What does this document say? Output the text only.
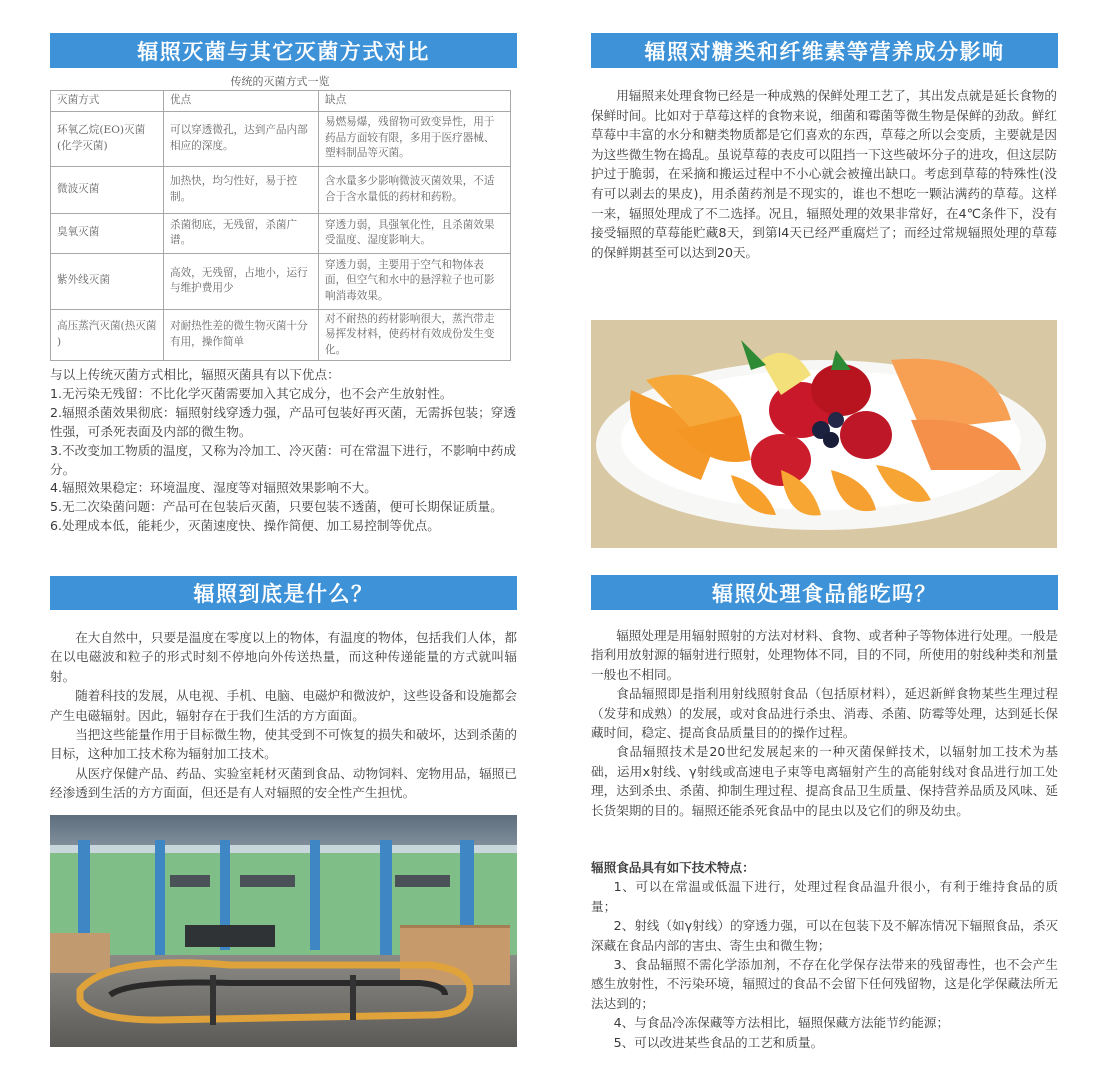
辐照灭菌与其它灭菌方式对比
传统的灭菌方式一览
灭菌方式	优点	缺点
环氧乙烷(EO)灭菌(化学灭菌)	可以穿透微孔，达到产品内部相应的深度。	易燃易爆，残留物可致变异性，用于药品方面较有限，多用于医疗器械、塑料制品等灭菌。
微波灭菌	加热快，均匀性好，易于控制。	含水量多少影响微波灭菌效果，不适合于含水量低的药材和药粉。
臭氧灭菌	杀菌彻底，无残留，杀菌广谱。	穿透力弱，具强氧化性，且杀菌效果受温度、湿度影响大。
紫外线灭菌	高效，无残留，占地小，运行与维护费用少	穿透力弱，主要用于空气和物体表面，但空气和水中的悬浮粒子也可影响消毒效果。
高压蒸汽灭菌(热灭菌 )	对耐热性差的微生物灭菌十分有用，操作简单	对不耐热的药材影响很大，蒸汽带走易挥发材料，使药材有效成份发生变化。

与以上传统灭菌方式相比，辐照灭菌具有以下优点：

1.无污染无残留：不比化学灭菌需要加入其它成分，也不会产生放射性。

2.辐照杀菌效果彻底：辐照射线穿透力强，产品可包装好再灭菌，无需拆包装；穿透性强，可杀死表面及内部的微生物。

3.不改变加工物质的温度，又称为冷加工、冷灭菌：可在常温下进行，不影响中药成分。

4.辐照效果稳定：环境温度、湿度等对辐照效果影响不大。

5.无二次染菌问题：产品可在包装后灭菌，只要包装不透菌，便可长期保证质量。

6.处理成本低，能耗少，灭菌速度快、操作简便、加工易控制等优点。

辐照到底是什么？

在大自然中，只要是温度在零度以上的物体，有温度的物体，包括我们人体，都在以电磁波和粒子的形式时刻不停地向外传送热量，而这种传递能量的方式就叫辐射。

随着科技的发展，从电视、手机、电脑、电磁炉和微波炉，这些设备和设施都会产生电磁辐射。因此，辐射存在于我们生活的方方面面。

当把这些能量作用于目标微生物，使其受到不可恢复的损失和破坏，达到杀菌的目标，这种加工技术称为辐射加工技术。

从医疗保健产品、药品、实验室耗材灭菌到食品、动物饲料、宠物用品，辐照已经渗透到生活的方方面面，但还是有人对辐照的安全性产生担忧。

辐照对糖类和纤维素等营养成分影响

用辐照来处理食物已经是一种成熟的保鲜处理工艺了，其出发点就是延长食物的保鲜时间。比如对于草莓这样的食物来说，细菌和霉菌等微生物是保鲜的劲敌。鲜红草莓中丰富的水分和糖类物质都是它们喜欢的东西，草莓之所以会变质，主要就是因为这些微生物在捣乱。虽说草莓的表皮可以阻挡一下这些破坏分子的进攻，但这层防护过于脆弱，在采摘和搬运过程中不小心就会被撞出缺口。考虑到草莓的特殊性(没有可以剥去的果皮)，用杀菌药剂是不现实的，谁也不想吃一颗沾满药的草莓。这样一来，辐照处理成了不二选择。况且，辐照处理的效果非常好，在4℃条件下，没有接受辐照的草莓能贮藏8天，到第l4天已经严重腐烂了；而经过常规辐照处理的草莓的保鲜期甚至可以达到20天。

辐照处理食品能吃吗？

辐照处理是用辐射照射的方法对材料、食物、或者种子等物体进行处理。一般是指利用放射源的辐射进行照射，处理物体不同，目的不同，所使用的射线种类和剂量一般也不相同。

食品辐照即是指利用射线照射食品（包括原材料），延迟新鲜食物某些生理过程（发芽和成熟）的发展，或对食品进行杀虫、消毒、杀菌、防霉等处理，达到延长保藏时间，稳定、提高食品质量目的的操作过程。

食品辐照技术是20世纪发展起来的一种灭菌保鲜技术，以辐射加工技术为基础，运用x射线、γ射线或高速电子束等电离辐射产生的高能射线对食品进行加工处理，达到杀虫、杀菌、抑制生理过程、提高食品卫生质量、保持营养品质及风味、延长货架期的目的。辐照还能杀死食品中的昆虫以及它们的卵及幼虫。

辐照食品具有如下技术特点：

1、可以在常温或低温下进行，处理过程食品温升很小，有利于维持食品的质量；

2、射线（如γ射线）的穿透力强，可以在包装下及不解冻情况下辐照食品，杀灭深藏在食品内部的害虫、寄生虫和微生物；

3、食品辐照不需化学添加剂，不存在化学保存法带来的残留毒性，也不会产生感生放射性，不污染环境，辐照过的食品不会留下任何残留物，这是化学保藏法所无法达到的；

4、与食品冷冻保藏等方法相比，辐照保藏方法能节约能源；

5、可以改进某些食品的工艺和质量。
